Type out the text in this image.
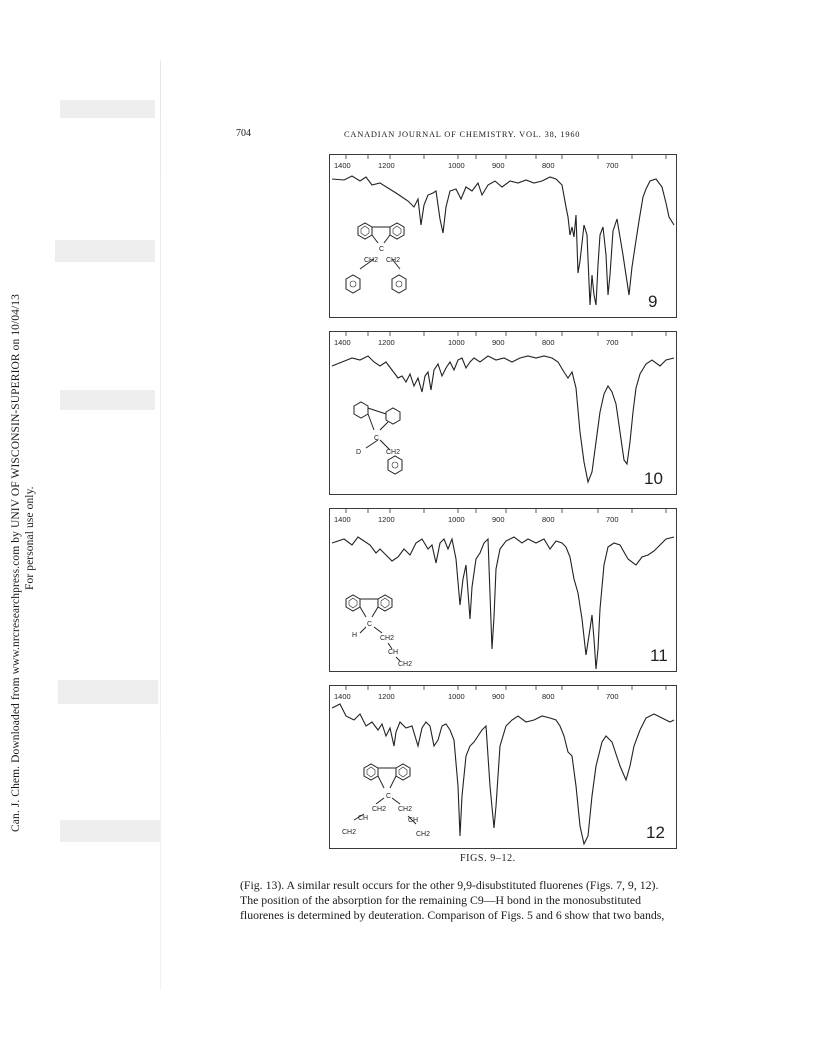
Can. J. Chem. Downloaded from www.nrcresearchpress.com by UNIV OF WISCONSIN-SUPERIOR on 10/04/13 For personal use only.
704	CANADIAN JOURNAL OF CHEMISTRY. VOL. 38, 1960
1400	1200	1000	900	800	700
C
CH2 CH2
9
1400	1200	1000	900	800	700
C
D	CH2
10
1400	1200	1000	900	800	700
C
H	CH2
CH
CH2	11
1400	1200	1000	900	800	700
C
CH2 CH2
CH	CH
CH2	CH2	12
FIGS. 9–12.

(Fig. 13). A similar result occurs for the other 9,9-disubstituted fluorenes (Figs. 7, 9, 12).

The position of the absorption for the remaining C9—H bond in the monosubstituted

fluorenes is determined by deuteration. Comparison of Figs. 5 and 6 show that two bands,
